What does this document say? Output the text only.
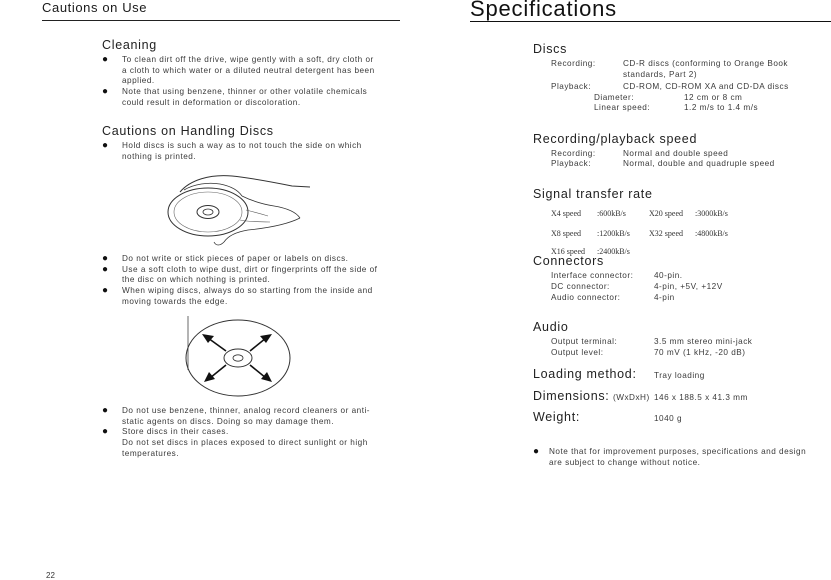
Cautions on Use
Cleaning
● To clean dirt off the drive, wipe gently with a soft, dry cloth or
a cloth to which water or a diluted neutral detergent has been
applied.
● Note that using benzene, thinner or other volatile chemicals
could result in deformation or discoloration.
Cautions on Handling Discs
● Hold discs is such a way as to not touch the side on which
nothing is printed.
● Do not write or stick pieces of paper or labels on discs.
● Use a soft cloth to wipe dust, dirt or fingerprints off the side of
the disc on which nothing is printed.
● When wiping discs, always do so starting from the inside and
moving towards the edge.
● Do not use benzene, thinner, analog record cleaners or anti-
static agents on discs. Doing so may damage them.
● Store discs in their cases.
Do not set discs in places exposed to direct sunlight or high
temperatures.
22
Specifications
Discs
Recording:	CD-R discs (conforming to Orange Book
standards, Part 2)
Playback:	CD-ROM, CD-ROM XA and CD-DA discs
Diameter:	12 cm or 8 cm
Linear speed:	1.2 m/s to 1.4 m/s
Recording/playback speed
Recording:	Normal and double speed
Playback:	Normal, double and quadruple speed
Signal transfer rate
X4 speed :600kB/s	X20 speed :3000kB/s
X8 speed :1200kB/s X32 speed :4800kB/s
X16 speed :2400kB/s
Connectors
Interface connector:	40-pin.
DC connector:	4-pin, +5V, +12V
Audio connector:	4-pin
Audio
Output terminal:	3.5 mm stereo mini-jack
Output level:	70 mV (1 kHz, -20 dB)
Loading method: Tray loading
Dimensions: (WxDxH) 146 x 188.5 x 41.3 mm
Weight:	1040 g
● Note that for improvement purposes, specifications and design
are subject to change without notice.
